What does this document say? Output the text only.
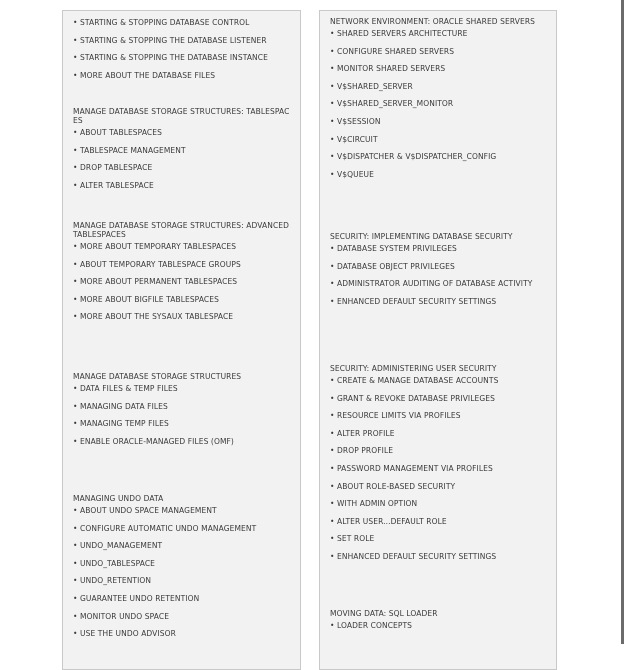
• STARTING & STOPPING DATABASE CONTROL
• STARTING & STOPPING THE DATABASE LISTENER
• STARTING & STOPPING THE DATABASE INSTANCE
• MORE ABOUT THE DATABASE FILES
MANAGE DATABASE STORAGE STRUCTURES: TABLESPACES
• ABOUT TABLESPACES
• TABLESPACE MANAGEMENT
• DROP TABLESPACE
• ALTER TABLESPACE
MANAGE DATABASE STORAGE STRUCTURES: ADVANCED TABLESPACES
• MORE ABOUT TEMPORARY TABLESPACES
• ABOUT TEMPORARY TABLESPACE GROUPS
• MORE ABOUT PERMANENT TABLESPACES
• MORE ABOUT BIGFILE TABLESPACES
• MORE ABOUT THE SYSAUX TABLESPACE
MANAGE DATABASE STORAGE STRUCTURES
• DATA FILES & TEMP FILES
• MANAGING DATA FILES
• MANAGING TEMP FILES
• ENABLE ORACLE-MANAGED FILES (OMF)
MANAGING UNDO DATA
• ABOUT UNDO SPACE MANAGEMENT
• CONFIGURE AUTOMATIC UNDO MANAGEMENT
• UNDO_MANAGEMENT
• UNDO_TABLESPACE
• UNDO_RETENTION
• GUARANTEE UNDO RETENTION
• MONITOR UNDO SPACE
• USE THE UNDO ADVISOR
NETWORK ENVIRONMENT: ORACLE SHARED SERVERS
• SHARED SERVERS ARCHITECTURE
• CONFIGURE SHARED SERVERS
• MONITOR SHARED SERVERS
• V$SHARED_SERVER
• V$SHARED_SERVER_MONITOR
• V$SESSION
• V$CIRCUIT
• V$DISPATCHER & V$DISPATCHER_CONFIG
• V$QUEUE
SECURITY: IMPLEMENTING DATABASE SECURITY
• DATABASE SYSTEM PRIVILEGES
• DATABASE OBJECT PRIVILEGES
• ADMINISTRATOR AUDITING OF DATABASE ACTIVITY
• ENHANCED DEFAULT SECURITY SETTINGS
SECURITY: ADMINISTERING USER SECURITY
• CREATE & MANAGE DATABASE ACCOUNTS
• GRANT & REVOKE DATABASE PRIVILEGES
• RESOURCE LIMITS VIA PROFILES
• ALTER PROFILE
• DROP PROFILE
• PASSWORD MANAGEMENT VIA PROFILES
• ABOUT ROLE-BASED SECURITY
• WITH ADMIN OPTION
• ALTER USER...DEFAULT ROLE
• SET ROLE
• ENHANCED DEFAULT SECURITY SETTINGS
MOVING DATA: SQL LOADER
• LOADER CONCEPTS
